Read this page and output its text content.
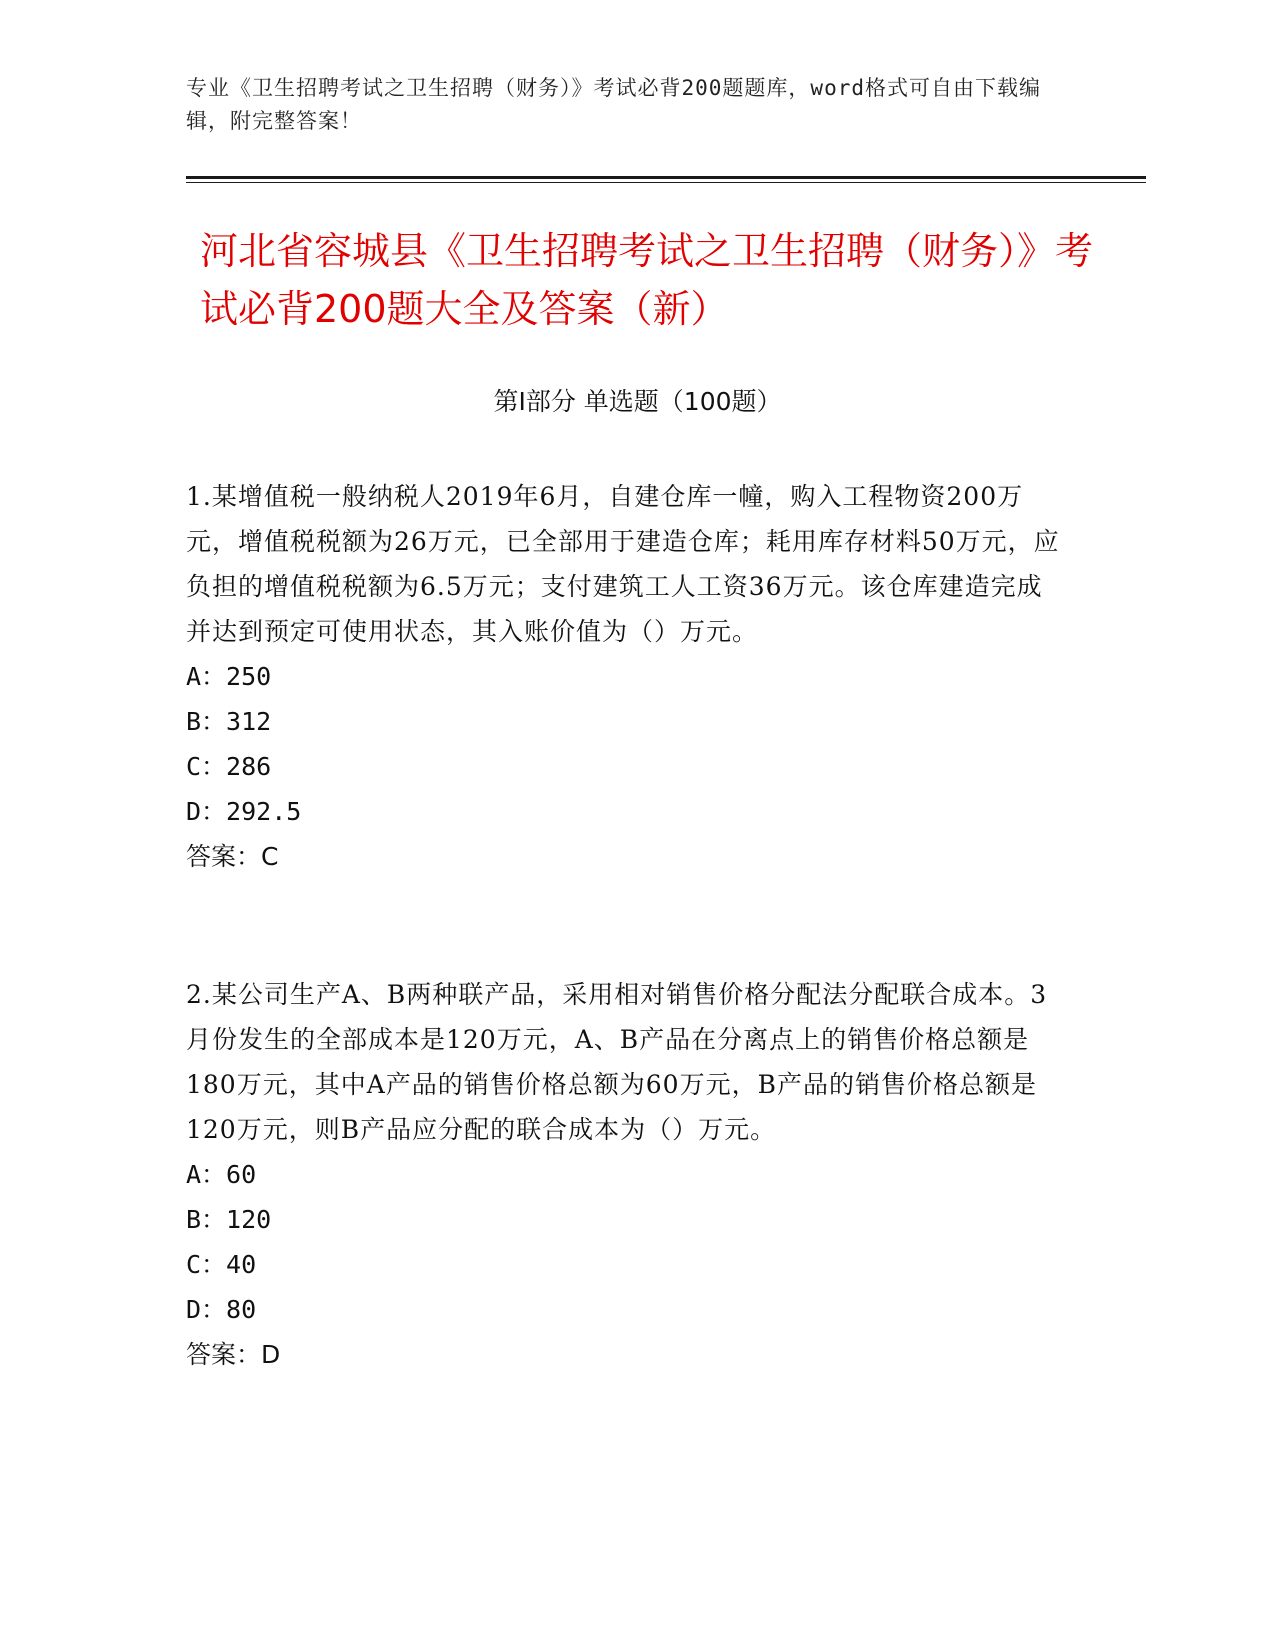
专业《卫生招聘考试之卫生招聘（财务）》考试必背200题题库，word格式可自由下载编辑，附完整答案！
河北省容城县《卫生招聘考试之卫生招聘（财务）》考试必背200题大全及答案（新）
第I部分 单选题（100题）

1.某增值税一般纳税人2019年6月，自建仓库一幢，购入工程物资200万元，增值税税额为26万元，已全部用于建造仓库；耗用库存材料50万元，应负担的增值税税额为6.5万元；支付建筑工人工资36万元。该仓库建造完成并达到预定可使用状态，其入账价值为（）万元。

A：250

B：312

C：286

D：292.5

答案：C

2.某公司生产A、B两种联产品，采用相对销售价格分配法分配联合成本。3月份发生的全部成本是120万元，A、B产品在分离点上的销售价格总额是180万元，其中A产品的销售价格总额为60万元，B产品的销售价格总额是120万元，则B产品应分配的联合成本为（）万元。

A：60

B：120

C：40

D：80

答案：D
